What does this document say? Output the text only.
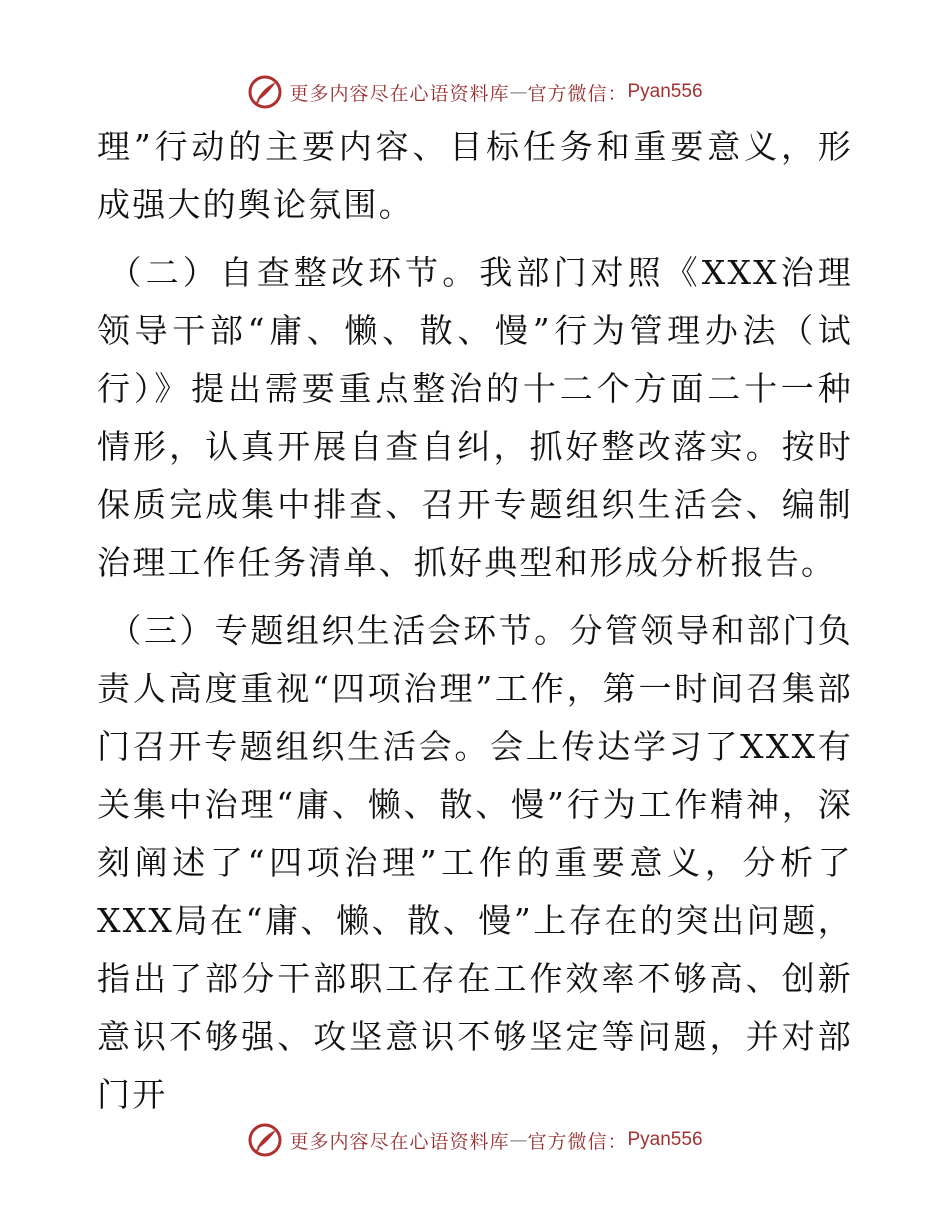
更多内容尽在心语资料库 — 官方微信： Pyan556

理”行动的主要内容、目标任务和重要意义，形成强大的舆论氛围。

（二）自查整改环节。我部门对照《XXX治理领导干部“庸、懒、散、慢”行为管理办法（试行）》提出需要重点整治的十二个方面二十一种情形，认真开展自查自纠，抓好整改落实。按时保质完成集中排查、召开专题组织生活会、编制治理工作任务清单、抓好典型和形成分析报告。

（三）专题组织生活会环节。分管领导和部门负责人高度重视“四项治理”工作，第一时间召集部门召开专题组织生活会。会上传达学习了XXX有关集中治理“庸、懒、散、慢”行为工作精神，深刻阐述了“四项治理”工作的重要意义，分析了XXX局在“庸、懒、散、慢”上存在的突出问题，指出了部分干部职工存在工作效率不够高、创新意识不够强、攻坚意识不够坚定等问题，并对部门开

更多内容尽在心语资料库 — 官方微信： Pyan556
